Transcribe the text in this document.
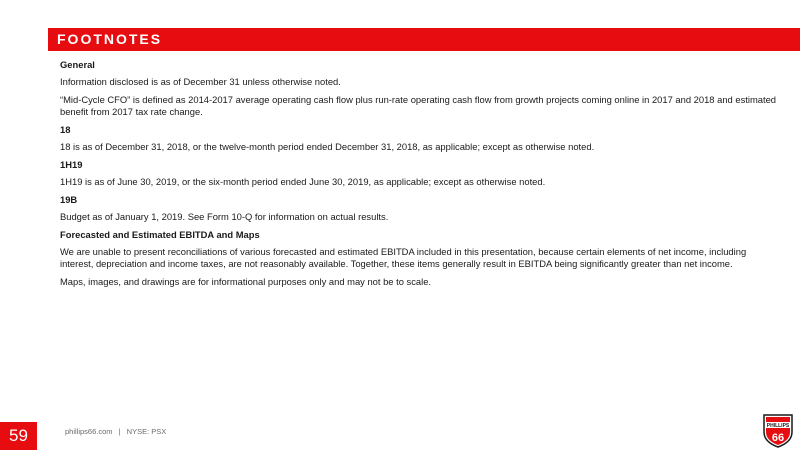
FOOTNOTES
General
Information disclosed is as of December 31 unless otherwise noted.
“Mid-Cycle CFO” is defined as 2014-2017 average operating cash flow plus run-rate operating cash flow from growth projects coming online in 2017 and 2018 and estimated benefit from 2017 tax rate change.
18
18 is as of December 31, 2018, or the twelve-month period ended December 31, 2018, as applicable; except as otherwise noted.
1H19
1H19 is as of June 30, 2019, or the six-month period ended June 30, 2019, as applicable; except as otherwise noted.
19B
Budget as of January 1, 2019. See Form 10-Q for information on actual results.
Forecasted and Estimated EBITDA and Maps
We are unable to present reconciliations of various forecasted and estimated EBITDA included in this presentation, because certain elements of net income, including interest, depreciation and income taxes, are not reasonably available. Together, these items generally result in EBITDA being significantly greater than net income.
Maps, images, and drawings are for informational purposes only and may not be to scale.
59	phillips66.com | NYSE: PSX
PHILLIPS
66
